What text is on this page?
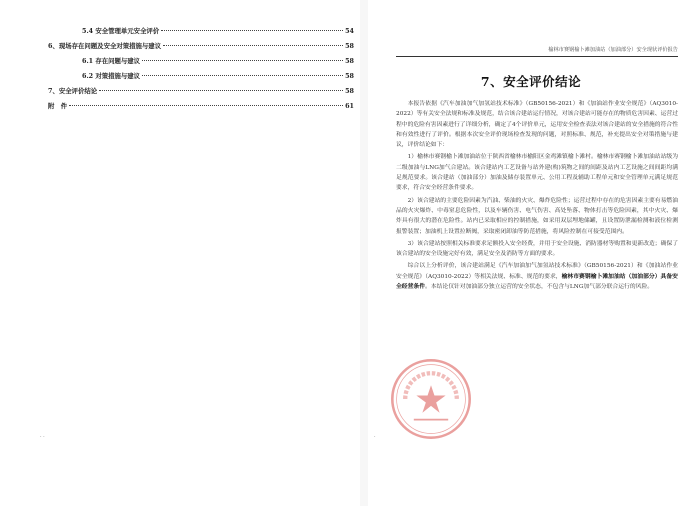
5.4 安全管理单元安全评价	54
6、现场存在问题及安全对策措施与建议	58
6.1 存在问题与建议	58
6.2 对策措施与建议	58
7、安全评价结论	58
附　件	61
· ·
榆林市赛钢榆卜滩加油站（加油部分）安全现状评价报告
7、安全评价结论

本报告依据《汽车加油加气加氢站技术标准》（GB50156-2021）和《加油站作业安全规范》（AQ3010-2022）等有关安全法规和标准及规范，结合该合建站运行情况，对该合建站可能存在的物质危害因素、运营过程中的危险有害因素进行了详细分析，确定了4个评价单元，运用安全检查表法对该合建站的安全措施的符合性和有效性进行了评价。根据本次安全评价现场检查发现的问题，对照标准、规范，补充提出安全对策措施与建议，评价结论如下：

1）榆林市赛钢榆卜滩加油站位于陕西省榆林市榆阳区金鸡滩镇榆卜滩村。榆林市赛钢榆卜滩加油站站级为二级加油与LNG加气合建站。该合建站内工艺设备与站外建(构)筑物之间的间距及站内工艺设施之间间距均满足规范要求。该合建站（加油部分）加油及储存装置单元、公用工程及辅助工程单元和安全管理单元满足规范要求，符合安全经营条件要求。

2）该合建站的主要危险因素为汽油、柴油的火灾、爆炸危险性；运营过程中存在的危害因素主要有易燃油品的火灾爆炸、中毒窒息危险性，以及车辆伤害、电气伤害、高处坠落、物体打击等危险因素，其中火灾、爆炸具有很大的潜在危险性。站内已采取相应的控制措施，如采用双层埋地储罐，且设置防泄漏检测和液位检测报警装置；加油机上设置拉断阀，采取密闭卸油等防范措施，将风险控制在可接受范围内。

3）该合建站按照相关标准要求足额投入安全经费，并用于安全设施、消防器材等购置和更新改造；确保了该合建站的安全设施完好有效，满足安全及消防等方面的要求。

综合以上分析评价，该合建站满足《汽车加油加气加氢站技术标准》（GB50156-2021）和《加油站作业安全规范》（AQ3010-2022）等相关法规、标准、规范的要求，榆林市赛钢榆卜滩加油站（加油部分）具备安全经营条件。本结论仅针对加油部分独立运营的安全状态，不包含与LNG加气部分联合运行的风险。

·
